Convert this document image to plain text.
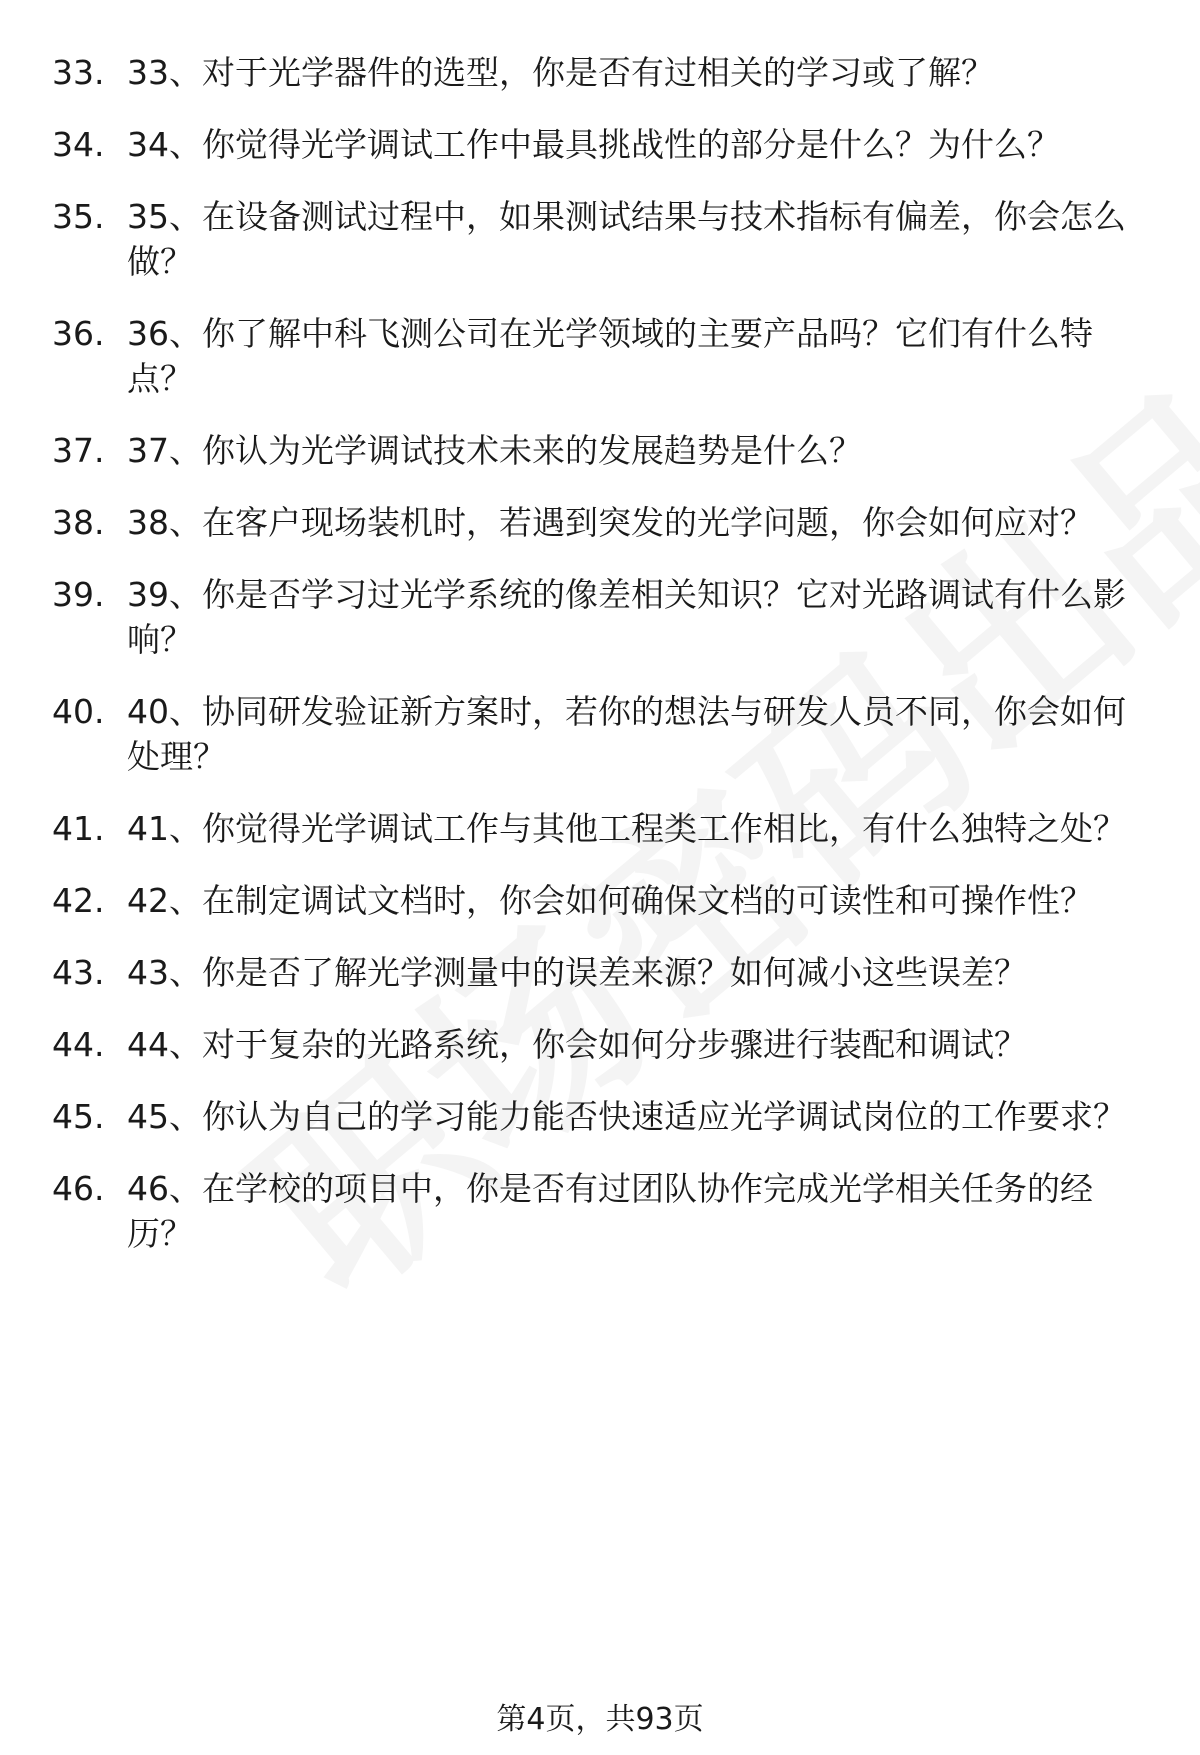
33. 33、对于光学器件的选型，你是否有过相关的学习或了解？
34. 34、你觉得光学调试工作中最具挑战性的部分是什么？为什么？
35. 35、在设备测试过程中，如果测试结果与技术指标有偏差，你会怎么做？
36. 36、你了解中科飞测公司在光学领域的主要产品吗？它们有什么特点？
37. 37、你认为光学调试技术未来的发展趋势是什么？
38. 38、在客户现场装机时，若遇到突发的光学问题，你会如何应对？
39. 39、你是否学习过光学系统的像差相关知识？它对光路调试有什么影响？
40. 40、协同研发验证新方案时，若你的想法与研发人员不同，你会如何处理？
41. 41、你觉得光学调试工作与其他工程类工作相比，有什么独特之处？
42. 42、在制定调试文档时，你会如何确保文档的可读性和可操作性？
43. 43、你是否了解光学测量中的误差来源？如何减小这些误差？
44. 44、对于复杂的光路系统，你会如何分步骤进行装配和调试？
45. 45、你认为自己的学习能力能否快速适应光学调试岗位的工作要求？
46. 46、在学校的项目中，你是否有过团队协作完成光学相关任务的经历？
第4页，共93页
